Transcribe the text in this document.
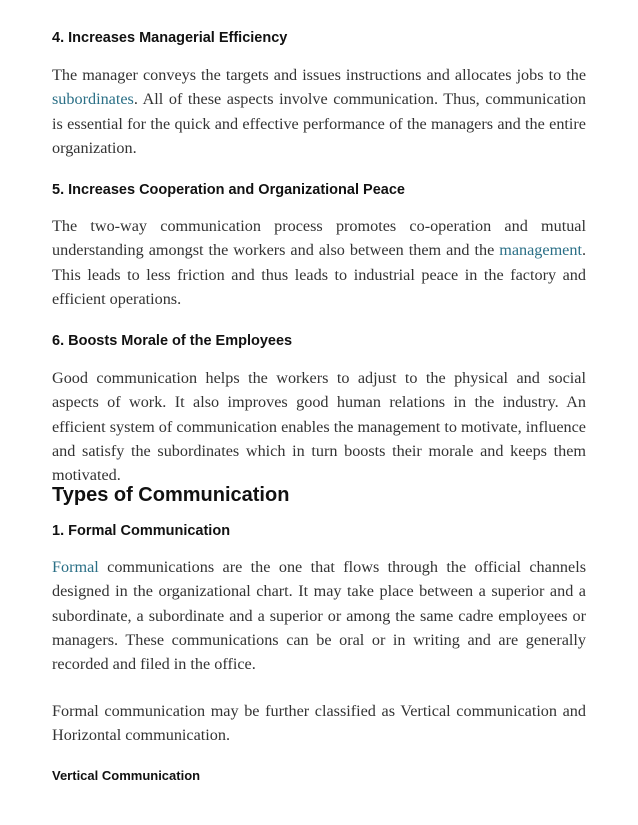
4. Increases Managerial Efficiency

The manager conveys the targets and issues instructions and allocates jobs to the subordinates. All of these aspects involve communication. Thus, communication is essential for the quick and effective performance of the managers and the entire organization.

5. Increases Cooperation and Organizational Peace

The two-way communication process promotes co-operation and mutual understanding amongst the workers and also between them and the management. This leads to less friction and thus leads to industrial peace in the factory and efficient operations.

6. Boosts Morale of the Employees

Good communication helps the workers to adjust to the physical and social aspects of work. It also improves good human relations in the industry. An efficient system of communication enables the management to motivate, influence and satisfy the subordinates which in turn boosts their morale and keeps them motivated.

Types of Communication
1. Formal Communication

Formal communications are the one that flows through the official channels designed in the organizational chart. It may take place between a superior and a subordinate, a subordinate and a superior or among the same cadre employees or managers. These communications can be oral or in writing and are generally recorded and filed in the office.

Formal communication may be further classified as Vertical communication and Horizontal communication.

Vertical Communication
